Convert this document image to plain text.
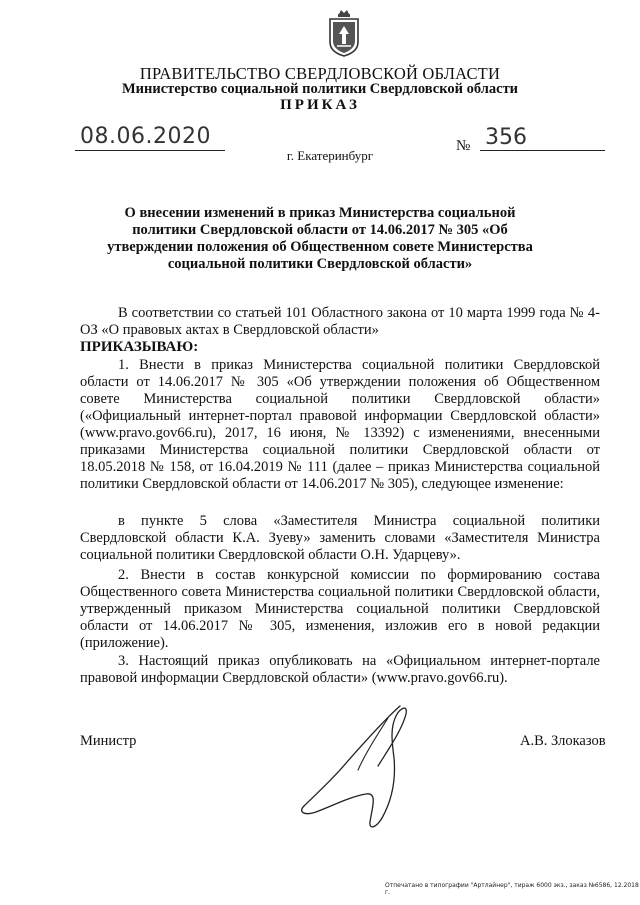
ПРАВИТЕЛЬСТВО СВЕРДЛОВСКОЙ ОБЛАСТИ
Министерство социальной политики Свердловской области
ПРИКАЗ
08.06.2020	№ 356
г. Екатеринбург
О внесении изменений в приказ Министерства социальной политики Свердловской области от 14.06.2017 № 305 «Об утверждении положения об Общественном совете Министерства социальной политики Свердловской области»
В соответствии со статьей 101 Областного закона от 10 марта 1999 года № 4-ОЗ «О правовых актах в Свердловской области»
ПРИКАЗЫВАЮ:
1. Внести в приказ Министерства социальной политики Свердловской области от 14.06.2017 № 305 «Об утверждении положения об Общественном совете Министерства социальной политики Свердловской области» («Официальный интернет-портал правовой информации Свердловской области» (www.pravo.gov66.ru), 2017, 16 июня, № 13392) с изменениями, внесенными приказами Министерства социальной политики Свердловской области от 18.05.2018 № 158, от 16.04.2019 № 111 (далее – приказ Министерства социальной политики Свердловской области от 14.06.2017 № 305), следующее изменение:
в пункте 5 слова «Заместителя Министра социальной политики Свердловской области К.А. Зуеву» заменить словами «Заместителя Министра социальной политики Свердловской области О.Н. Ударцеву».
2. Внести в состав конкурсной комиссии по формированию состава Общественного совета Министерства социальной политики Свердловской области, утвержденный приказом Министерства социальной политики Свердловской области от 14.06.2017 № 305, изменения, изложив его в новой редакции (приложение).
3. Настоящий приказ опубликовать на «Официальном интернет-портале правовой информации Свердловской области» (www.pravo.gov66.ru).
Министр	А.В. Злоказов
Отпечатано в типографии "Артлайнер", тираж 6000 экз., заказ №6586, 12.2018 г.
